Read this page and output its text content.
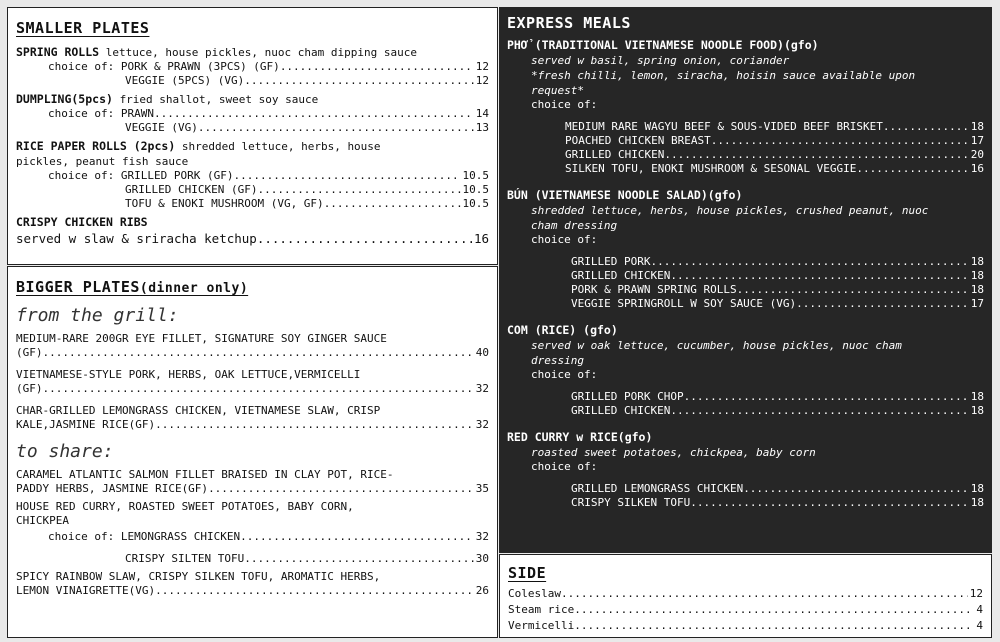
SMALLER PLATES
SPRING ROLLS lettuce, house pickles, nuoc cham dipping sauce
choice of:
PORK & PRAWN (3PCS) (GF) .....	12
VEGGIE (5PCS) (VG) .....	12
DUMPLING(5pcs) fried shallot, sweet soy sauce
choice of:
PRAWN .....	14
VEGGIE (VG) .....	13
RICE PAPER ROLLS (2pcs) shredded lettuce, herbs, house pickles, peanut fish sauce
choice of:
GRILLED PORK (GF) .....	10.5
GRILLED CHICKEN (GF) .....	10.5
TOFU & ENOKI MUSHROOM (VG, GF) .....	10.5
CRISPY CHICKEN RIBS
served w slaw & sriracha ketchup .....	16
BIGGER PLATES(dinner only)
from the grill:
MEDIUM-RARE 200GR EYE FILLET, SIGNATURE SOY GINGER SAUCE
(GF) .....	40
VIETNAMESE-STYLE PORK, HERBS, OAK LETTUCE,VERMICELLI
(GF) .....	32
CHAR-GRILLED LEMONGRASS CHICKEN, VIETNAMESE SLAW, CRISP
KALE,JASMINE RICE(GF) .....	32
to share:
CARAMEL ATLANTIC SALMON FILLET BRAISED IN CLAY POT, RICE-
PADDY HERBS, JASMINE RICE(GF) .....	35
HOUSE RED CURRY, ROASTED SWEET POTATOES, BABY CORN,
CHICKPEA
choice of:
LEMONGRASS CHICKEN .....	32
CRISPY SILTEN TOFU .....	30
SPICY RAINBOW SLAW, CRISPY SILKEN TOFU, AROMATIC HERBS,
LEMON VINAIGRETTE(VG) .....	26
EXPRESS MEALS
PHỞ (TRADITIONAL VIETNAMESE NOODLE FOOD)(gfo)
served w basil, spring onion, coriander
*fresh chilli, lemon, siracha, hoisin sauce available upon request*
choice of:
MEDIUM RARE WAGYU BEEF & SOUS-VIDED BEEF BRISKET .....	18
POACHED CHICKEN BREAST .....	17
GRILLED CHICKEN .....	20
SILKEN TOFU, ENOKI MUSHROOM & SESONAL VEGGIE .....	16
BÚN (VIETNAMESE NOODLE SALAD)(gfo)
shredded lettuce, herbs, house pickles, crushed peanut, nuoc cham dressing
choice of:
GRILLED PORK .....	18
GRILLED CHICKEN .....	18
PORK & PRAWN SPRING ROLLS .....	18
VEGGIE SPRINGROLL W SOY SAUCE (VG) .....	17
COM (RICE) (gfo)
served w oak lettuce, cucumber, house pickles, nuoc cham dressing
choice of:
GRILLED PORK CHOP .....	18
GRILLED CHICKEN .....	18
RED CURRY w RICE(gfo)
roasted sweet potatoes, chickpea, baby corn
choice of:
GRILLED LEMONGRASS CHICKEN .....	18
CRISPY SILKEN TOFU .....	18
SIDE
Coleslaw .....	12
Steam rice .....	4
Vermicelli .....	4
